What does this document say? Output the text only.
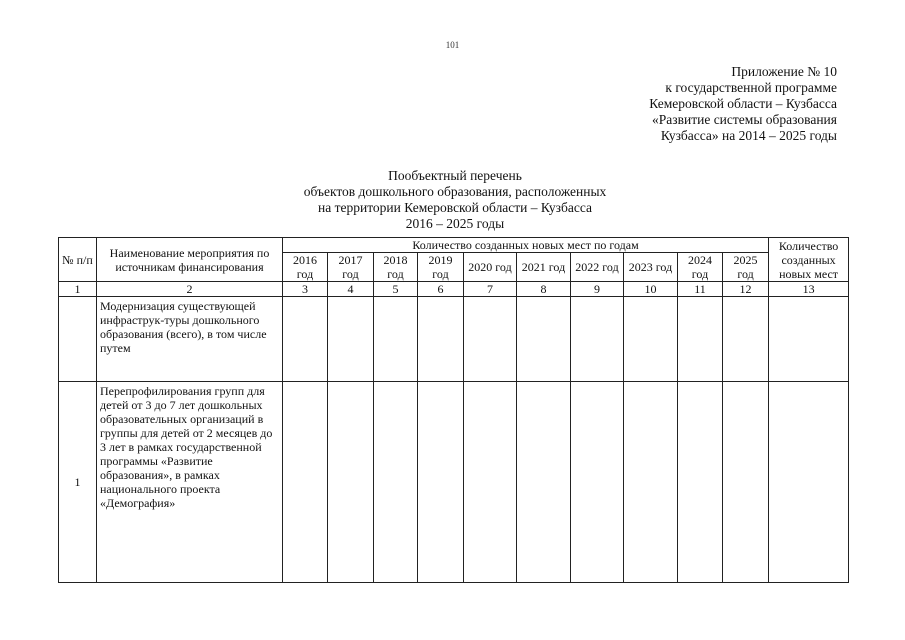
101
Приложение № 10
к государственной программе
Кемеровской области – Кузбасса
«Развитие системы образования
Кузбасса» на 2014 – 2025 годы
Пообъектный перечень
объектов дошкольного образования, расположенных
на территории Кемеровской области – Кузбасса
2016 – 2025 годы
№ п/п	Наименование мероприятия по источникам финансирования	Количество созданных новых мест по годам										Количество созданных новых мест
		2016 год	2017 год	2018 год	2019 год	2020 год	2021 год	2022 год	2023 год	2024 год	2025 год	
1	2	3	4	5	6	7	8	9	10	11	12	13
	Модернизация существующей инфраструк-туры дошкольного образования (всего), в том числе путем											
1	Перепрофилирования групп для детей от 3 до 7 лет дошкольных образовательных организаций в группы для детей от 2 месяцев до 3 лет в рамках государственной программы «Развитие образования», в рамках национального проекта «Демография»											
